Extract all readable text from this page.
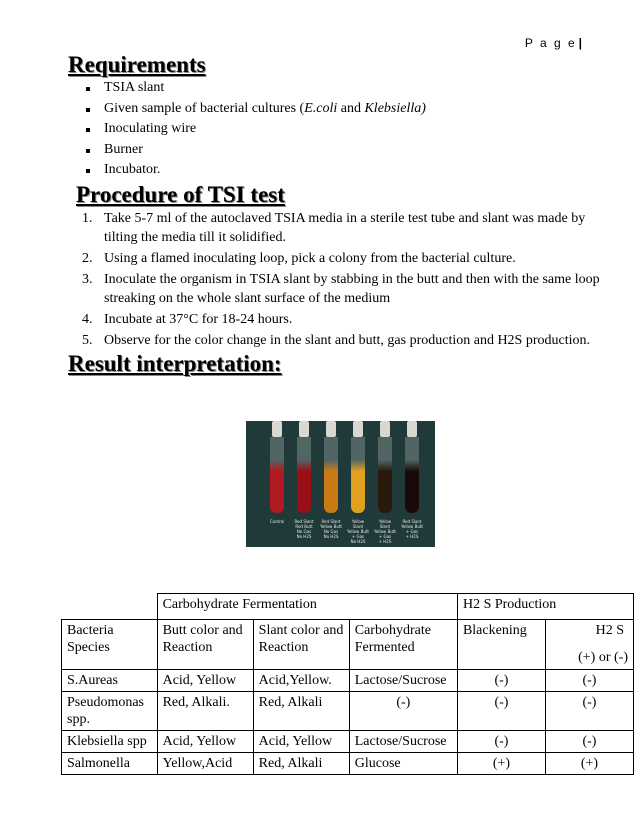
P a g e |
Requirements
TSIA slant
Given sample of bacterial cultures (E.coli and Klebsiella)
Inoculating wire
Burner
Incubator.
Procedure of TSI test
1. Take 5-7 ml of the autoclaved TSIA media in a sterile test tube and slant was made by tilting the media till it solidified.
2. Using a flamed inoculating loop, pick a colony from the bacterial culture.
3. Inoculate the organism in TSIA slant by stabbing in the butt and then with the same loop streaking on the whole slant surface of the medium
4. Incubate at 37°C for 18-24 hours.
5. Observe for the color change in the slant and butt, gas production and H2S production.
Result interpretation:
Control	Red Slant
Red Butt
No Gas
No H2S
Red Slant
Yellow Butt
No Gas
No H2S
Yellow Slant
Yellow Butt
+ Gas
No H2S
Yellow Slant
Yellow Butt
+ Gas
+ H2S
Red Slant
Yellow Butt
+ Gas
+ H2S
	Carbohydrate Fermentation			H2 S Production	
Bacteria Species	Butt color and Reaction	Slant color and Reaction	Carbohydrate Fermented	Blackening	H2 S
(+) or (-)

S.Aureas	Acid, Yellow	Acid,Yellow.	Lactose/Sucrose	(-)	(-)
Pseudomonas spp.	Red, Alkali.	Red, Alkali	(-)	(-)	(-)
Klebsiella spp	Acid, Yellow	Acid, Yellow	Lactose/Sucrose	(-)	(-)
Salmonella	Yellow,Acid	Red, Alkali	Glucose	(+)	(+)
